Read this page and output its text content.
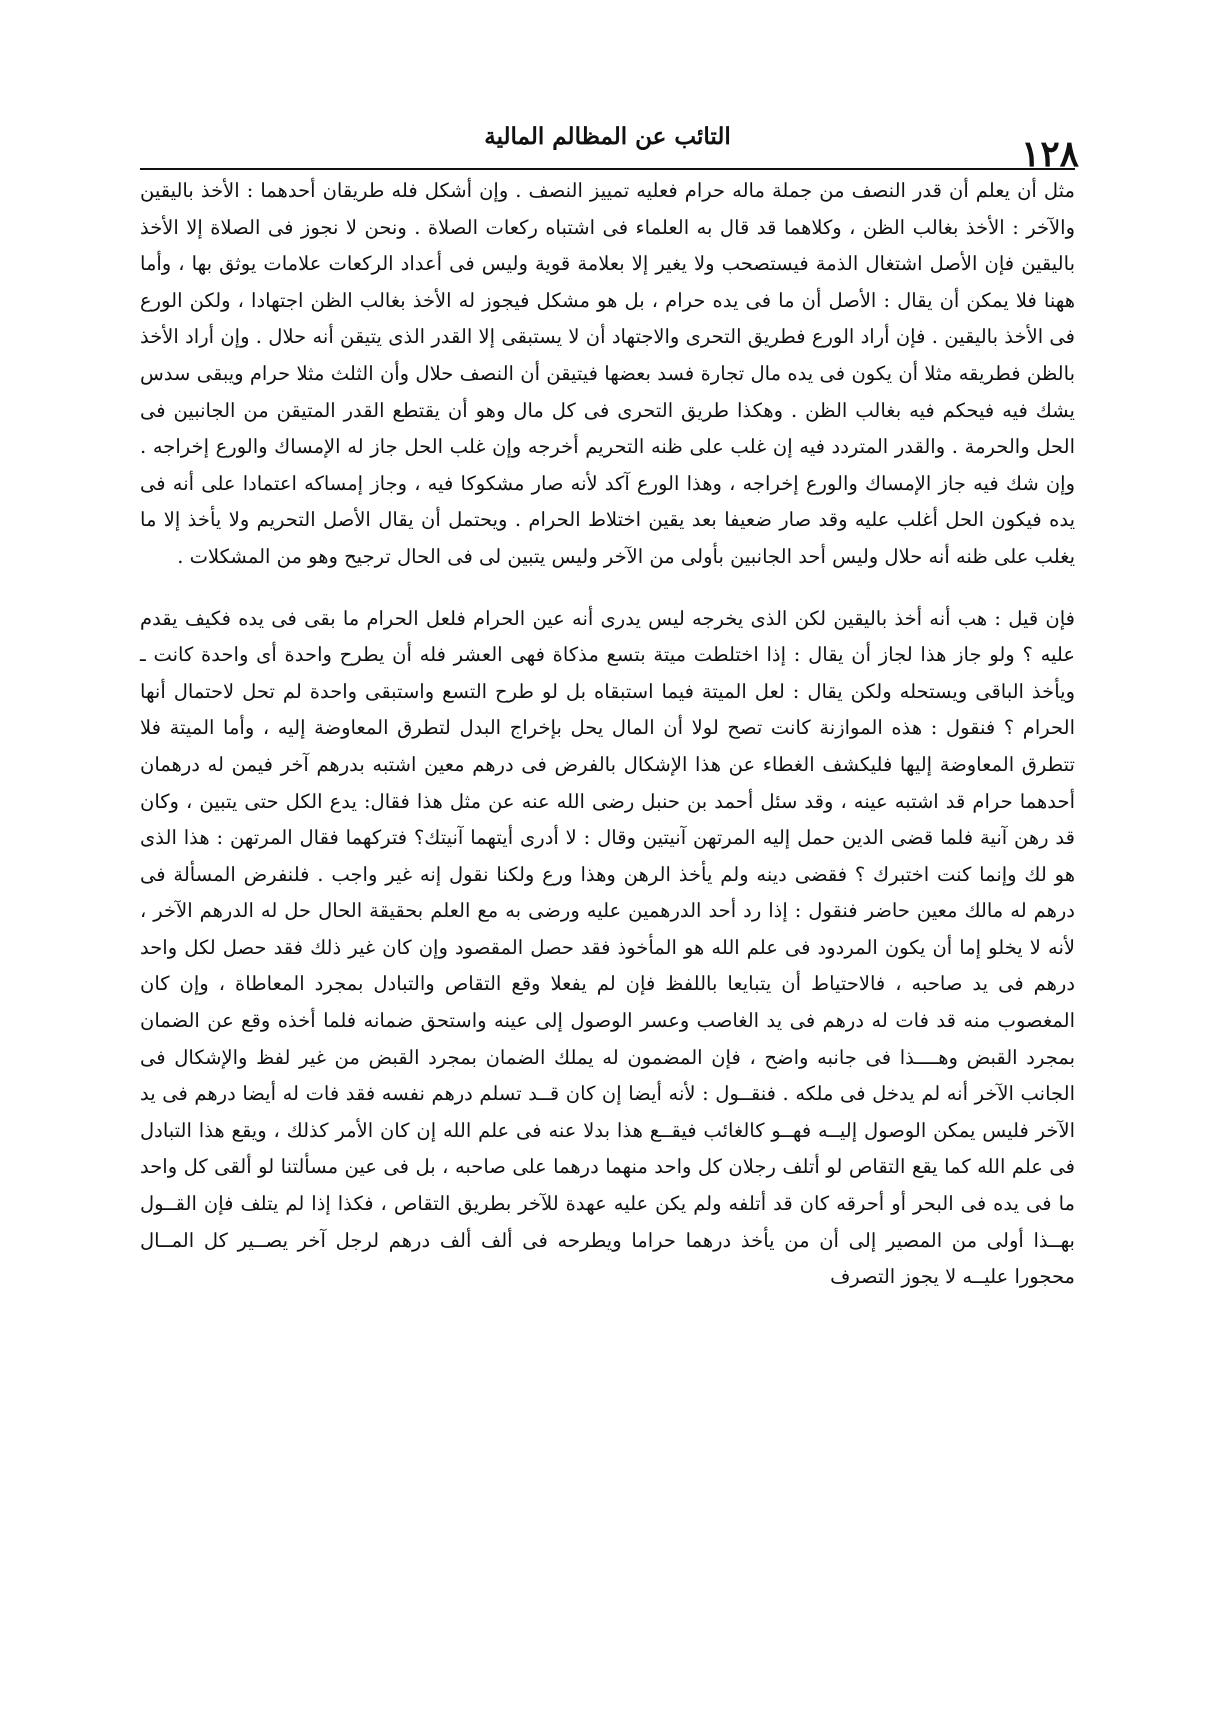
١٢٨
التائب عن المظالم المالية

مثل أن يعلم أن قدر النصف من جملة ماله حرام فعليه تمييز النصف . وإن أشكل فله طريقان أحدهما : الأخذ باليقين والآخر : الأخذ بغالب الظن ، وكلاهما قد قال به العلماء فى اشتباه ركعات الصلاة . ونحن لا نجوز فى الصلاة إلا الأخذ باليقين فإن الأصل اشتغال الذمة فيستصحب ولا يغير إلا بعلامة قوية وليس فى أعداد الركعات علامات يوثق بها ، وأما ههنا فلا يمكن أن يقال : الأصل أن ما فى يده حرام ، بل هو مشكل فيجوز له الأخذ بغالب الظن اجتهادا ، ولكن الورع فى الأخذ باليقين . فإن أراد الورع فطريق التحرى والاجتهاد أن لا يستبقى إلا القدر الذى يتيقن أنه حلال . وإن أراد الأخذ بالظن فطريقه مثلا أن يكون فى يده مال تجارة فسد بعضها فيتيقن أن النصف حلال وأن الثلث مثلا حرام ويبقى سدس يشك فيه فيحكم فيه بغالب الظن . وهكذا طريق التحرى فى كل مال وهو أن يقتطع القدر المتيقن من الجانبين فى الحل والحرمة . والقدر المتردد فيه إن غلب على ظنه التحريم أخرجه وإن غلب الحل جاز له الإمساك والورع إخراجه . وإن شك فيه جاز الإمساك والورع إخراجه ، وهذا الورع آكد لأنه صار مشكوكا فيه ، وجاز إمساكه اعتمادا على أنه فى يده فيكون الحل أغلب عليه وقد صار ضعيفا بعد يقين اختلاط الحرام . ويحتمل أن يقال الأصل التحريم ولا يأخذ إلا ما يغلب على ظنه أنه حلال وليس أحد الجانبين بأولى من الآخر وليس يتبين لى فى الحال ترجيح وهو من المشكلات .

فإن قيل : هب أنه أخذ باليقين لكن الذى يخرجه ليس يدرى أنه عين الحرام فلعل الحرام ما بقى فى يده فكيف يقدم عليه ؟ ولو جاز هذا لجاز أن يقال : إذا اختلطت ميتة بتسع مذكاة فهى العشر فله أن يطرح واحدة أى واحدة كانت ـ ويأخذ الباقى ويستحله ولكن يقال : لعل الميتة فيما استبقاه بل لو طرح التسع واستبقى واحدة لم تحل لاحتمال أنها الحرام ؟ فنقول : هذه الموازنة كانت تصح لولا أن المال يحل بإخراج البدل لتطرق المعاوضة إليه ، وأما الميتة فلا تتطرق المعاوضة إليها فليكشف الغطاء عن هذا الإشكال بالفرض فى درهم معين اشتبه بدرهم آخر فيمن له درهمان أحدهما حرام قد اشتبه عينه ، وقد سئل أحمد بن حنبل رضى الله عنه عن مثل هذا فقال: يدع الكل حتى يتبين ، وكان قد رهن آنية فلما قضى الدين حمل إليه المرتهن آنيتين وقال : لا أدرى أيتهما آنيتك؟ فتركهما فقال المرتهن : هذا الذى هو لك وإنما كنت اختبرك ؟ فقضى دينه ولم يأخذ الرهن وهذا ورع ولكنا نقول إنه غير واجب . فلنفرض المسألة فى درهم له مالك معين حاضر فنقول : إذا رد أحد الدرهمين عليه ورضى به مع العلم بحقيقة الحال حل له الدرهم الآخر ، لأنه لا يخلو إما أن يكون المردود فى علم الله هو المأخوذ فقد حصل المقصود وإن كان غير ذلك فقد حصل لكل واحد درهم فى يد صاحبه ، فالاحتياط أن يتبايعا باللفظ فإن لم يفعلا وقع التقاص والتبادل بمجرد المعاطاة ، وإن كان المغصوب منه قد فات له درهم فى يد الغاصب وعسر الوصول إلى عينه واستحق ضمانه فلما أخذه وقع عن الضمان بمجرد القبض وهــــذا فى جانبه واضح ، فإن المضمون له يملك الضمان بمجرد القبض من غير لفظ والإشكال فى الجانب الآخر أنه لم يدخل فى ملكه . فنقــول : لأنه أيضا إن كان قــد تسلم درهم نفسه فقد فات له أيضا درهم فى يد الآخر فليس يمكن الوصول إليــه فهــو كالغائب فيقــع هذا بدلا عنه فى علم الله إن كان الأمر كذلك ، ويقع هذا التبادل فى علم الله كما يقع التقاص لو أتلف رجلان كل واحد منهما درهما على صاحبه ، بل فى عين مسألتنا لو ألقى كل واحد ما فى يده فى البحر أو أحرقه كان قد أتلفه ولم يكن عليه عهدة للآخر بطريق التقاص ، فكذا إذا لم يتلف فإن القــول بهــذا أولى من المصير إلى أن من يأخذ درهما حراما ويطرحه فى ألف ألف درهم لرجل آخر يصــير كل المــال محجورا عليــه لا يجوز التصرف
